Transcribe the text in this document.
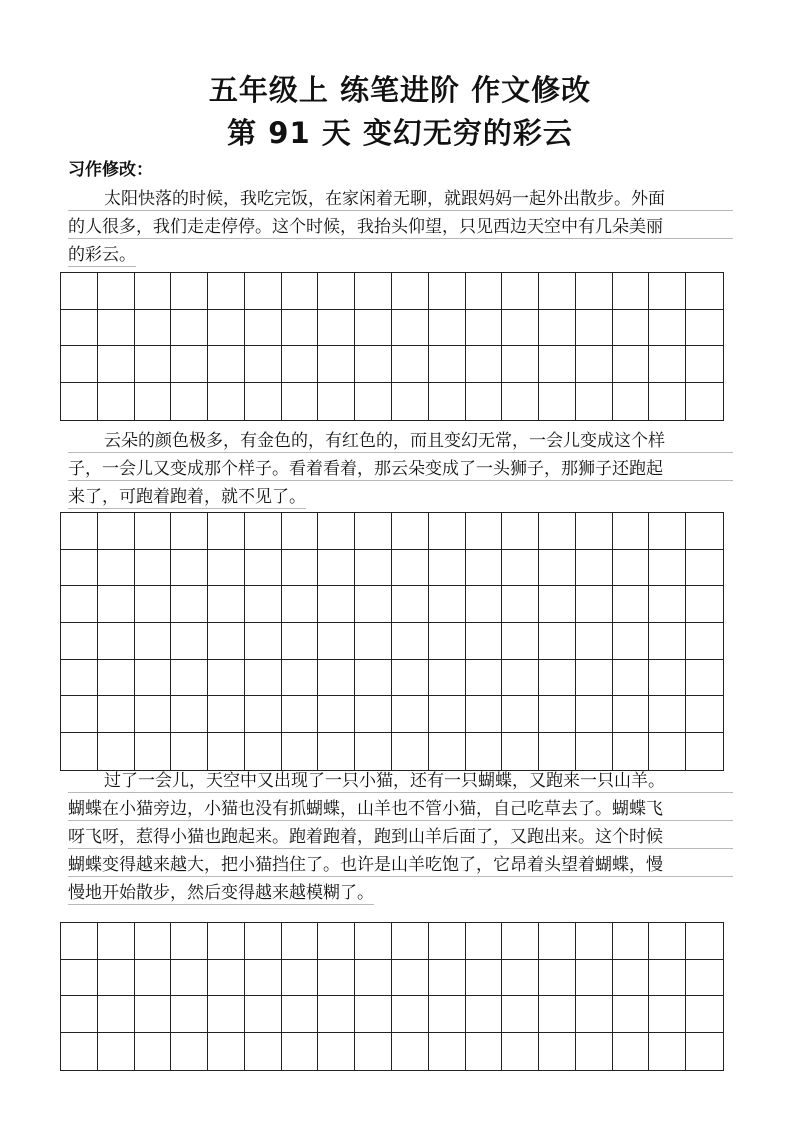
五年级上 练笔进阶 作文修改
第 91 天 变幻无穷的彩云
习作修改：
太阳快落的时候，我吃完饭，在家闲着无聊，就跟妈妈一起外出散步。外面
的人很多，我们走走停停。这个时候，我抬头仰望，只见西边天空中有几朵美丽
的彩云。
云朵的颜色极多，有金色的，有红色的，而且变幻无常，一会儿变成这个样
子，一会儿又变成那个样子。看着看着，那云朵变成了一头狮子，那狮子还跑起
来了，可跑着跑着，就不见了。
过了一会儿，天空中又出现了一只小猫，还有一只蝴蝶，又跑来一只山羊。
蝴蝶在小猫旁边，小猫也没有抓蝴蝶，山羊也不管小猫，自己吃草去了。蝴蝶飞
呀飞呀，惹得小猫也跑起来。跑着跑着，跑到山羊后面了，又跑出来。这个时候
蝴蝶变得越来越大，把小猫挡住了。也许是山羊吃饱了，它昂着头望着蝴蝶，慢
慢地开始散步，然后变得越来越模糊了。
